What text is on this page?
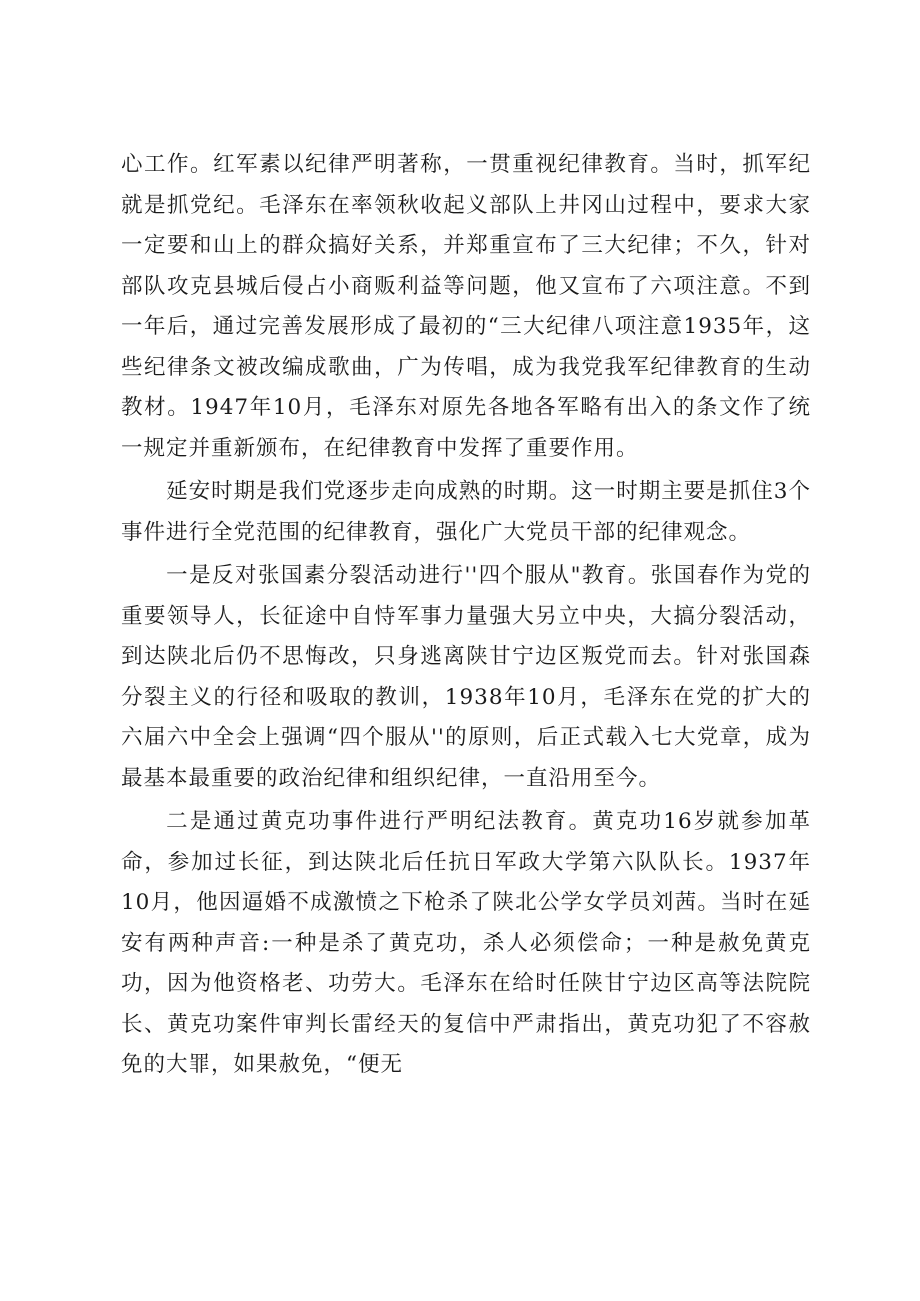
心工作。红军素以纪律严明著称，一贯重视纪律教育。当时，抓军纪就是抓党纪。毛泽东在率领秋收起义部队上井冈山过程中，要求大家一定要和山上的群众搞好关系，并郑重宣布了三大纪律；不久，针对部队攻克县城后侵占小商贩利益等问题，他又宣布了六项注意。不到一年后，通过完善发展形成了最初的“三大纪律八项注意1935年，这些纪律条文被改编成歌曲，广为传唱，成为我党我军纪律教育的生动教材。1947年10月，毛泽东对原先各地各军略有出入的条文作了统一规定并重新颁布，在纪律教育中发挥了重要作用。

延安时期是我们党逐步走向成熟的时期。这一时期主要是抓住3个事件进行全党范围的纪律教育，强化广大党员干部的纪律观念。

一是反对张国素分裂活动进行''四个服从"教育。张国春作为党的重要领导人，长征途中自恃军事力量强大另立中央，大搞分裂活动，到达陕北后仍不思悔改，只身逃离陕甘宁边区叛党而去。针对张国森分裂主义的行径和吸取的教训，1938年10月，毛泽东在党的扩大的六届六中全会上强调“四个服从''的原则，后正式载入七大党章，成为最基本最重要的政治纪律和组织纪律，一直沿用至今。

二是通过黄克功事件进行严明纪法教育。黄克功16岁就参加革命，参加过长征，到达陕北后任抗日军政大学第六队队长。1937年10月，他因逼婚不成激愤之下枪杀了陕北公学女学员刘茜。当时在延安有两种声音:一种是杀了黄克功，杀人必须偿命；一种是赦免黄克功，因为他资格老、功劳大。毛泽东在给时任陕甘宁边区高等法院院长、黄克功案件审判长雷经天的复信中严肃指出，黄克功犯了不容赦免的大罪，如果赦免，“便无
